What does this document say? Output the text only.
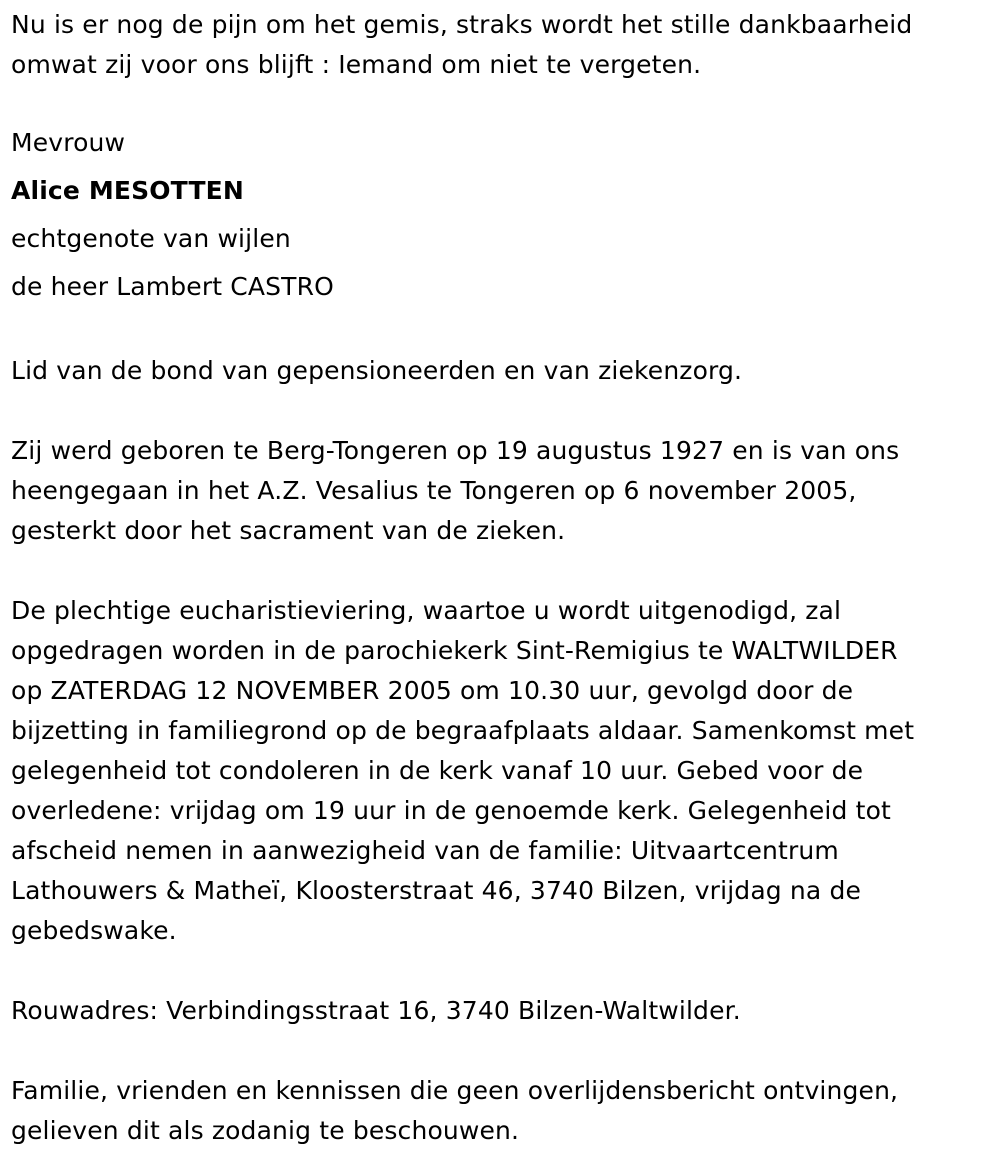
Nu is er nog de pijn om het gemis, straks wordt het stille dankbaarheid
omwat zij voor ons blijft : Iemand om niet te vergeten.

Mevrouw

Alice MESOTTEN

echtgenote van wijlen

de heer Lambert CASTRO

Lid van de bond van gepensioneerden en van ziekenzorg.

Zij werd geboren te Berg-Tongeren op 19 augustus 1927 en is van ons
heengegaan in het A.Z. Vesalius te Tongeren op 6 november 2005,
gesterkt door het sacrament van de zieken.

De plechtige eucharistieviering, waartoe u wordt uitgenodigd, zal
opgedragen worden in de parochiekerk Sint-Remigius te WALTWILDER
op ZATERDAG 12 NOVEMBER 2005 om 10.30 uur, gevolgd door de
bijzetting in familiegrond op de begraafplaats aldaar. Samenkomst met
gelegenheid tot condoleren in de kerk vanaf 10 uur. Gebed voor de
overledene: vrijdag om 19 uur in de genoemde kerk. Gelegenheid tot
afscheid nemen in aanwezigheid van de familie: Uitvaartcentrum
Lathouwers & Matheï, Kloosterstraat 46, 3740 Bilzen, vrijdag na de
gebedswake.

Rouwadres: Verbindingsstraat 16, 3740 Bilzen-Waltwilder.

Familie, vrienden en kennissen die geen overlijdensbericht ontvingen,
gelieven dit als zodanig te beschouwen.
